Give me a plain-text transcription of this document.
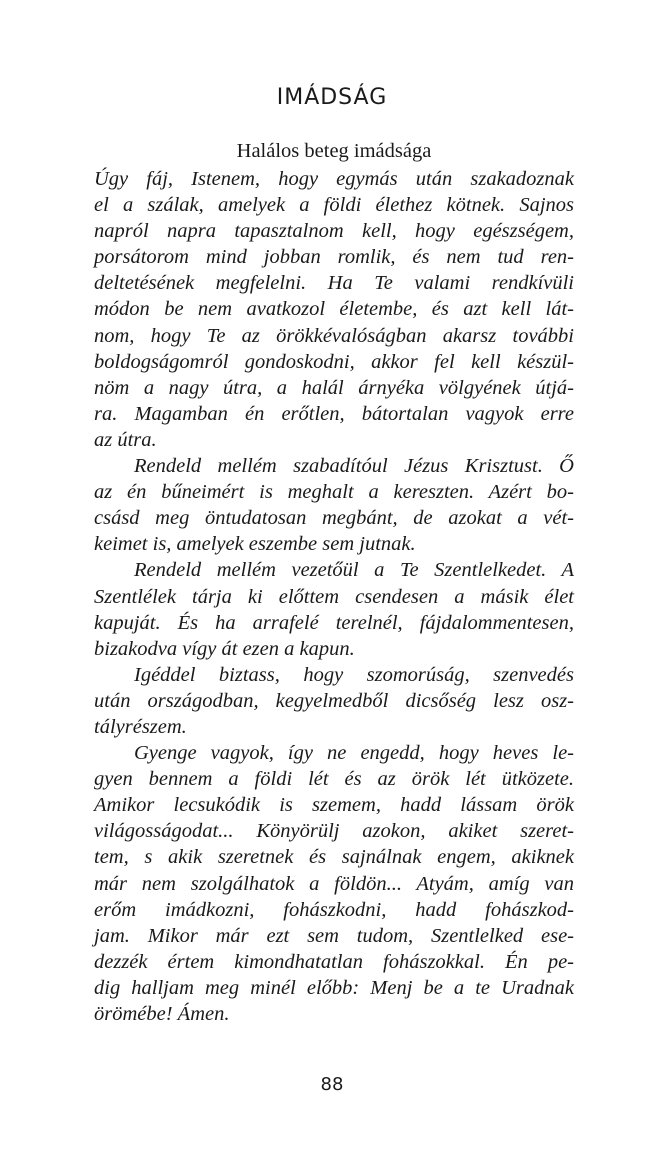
IMÁDSÁG
Halálos beteg imádsága
Úgy fáj, Istenem, hogy egymás után szakadoznak
el a szálak, amelyek a földi élethez kötnek. Sajnos
napról napra tapasztalnom kell, hogy egészségem,
porsátorom mind jobban romlik, és nem tud ren-
deltetésének megfelelni. Ha Te valami rendkívüli
módon be nem avatkozol életembe, és azt kell lát-
nom, hogy Te az örökkévalóságban akarsz további
boldogságomról gondoskodni, akkor fel kell készül-
nöm a nagy útra, a halál árnyéka völgyének útjá-
ra. Magamban én erőtlen, bátortalan vagyok erre
az útra.
Rendeld mellém szabadítóul Jézus Krisztust. Ő
az én bűneimért is meghalt a kereszten. Azért bo-
csásd meg öntudatosan megbánt, de azokat a vét-
keimet is, amelyek eszembe sem jutnak.
Rendeld mellém vezetőül a Te Szentlelkedet. A
Szentlélek tárja ki előttem csendesen a másik élet
kapuját. És ha arrafelé terelnél, fájdalommentesen,
bizakodva vígy át ezen a kapun.
Igéddel biztass, hogy szomorúság, szenvedés
után országodban, kegyelmedből dicsőség lesz osz-
tályrészem.
Gyenge vagyok, így ne engedd, hogy heves le-
gyen bennem a földi lét és az örök lét ütközete.
Amikor lecsukódik is szemem, hadd lássam örök
világosságodat... Könyörülj azokon, akiket szeret-
tem, s akik szeretnek és sajnálnak engem, akiknek
már nem szolgálhatok a földön... Atyám, amíg van
erőm imádkozni, fohászkodni, hadd fohászkod-
jam. Mikor már ezt sem tudom, Szentlelked ese-
dezzék értem kimondhatatlan fohászokkal. Én pe-
dig halljam meg minél előbb: Menj be a te Uradnak
örömébe! Ámen.
88
